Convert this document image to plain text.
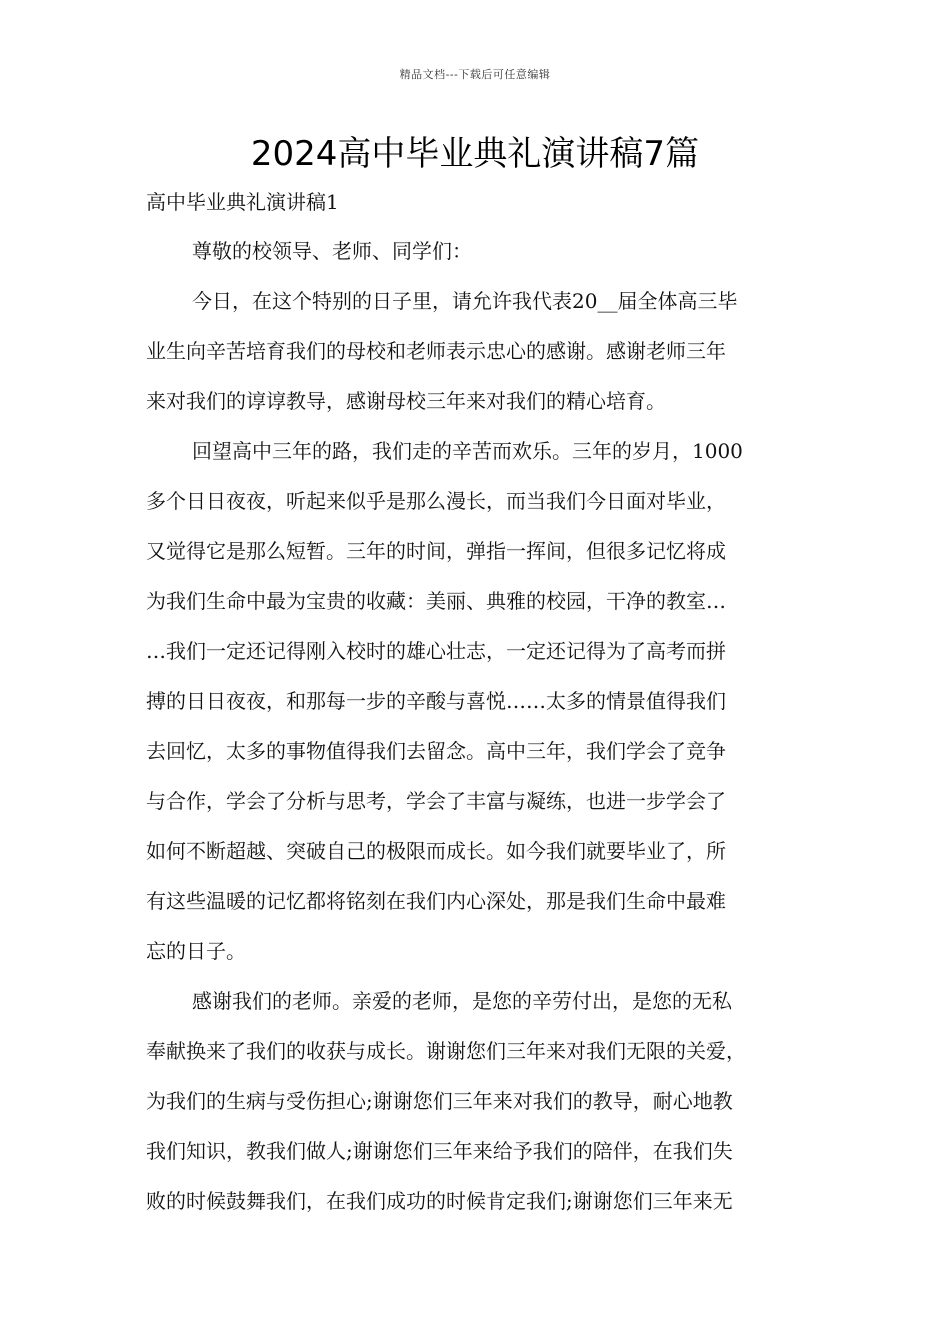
精品文档---下载后可任意编辑
2024高中毕业典礼演讲稿7篇
高中毕业典礼演讲稿1
尊敬的校领导、老师、同学们：
今日，在这个特别的日子里，请允许我代表20__届全体高三毕
业生向辛苦培育我们的母校和老师表示忠心的感谢。感谢老师三年
来对我们的谆谆教导，感谢母校三年来对我们的精心培育。
回望高中三年的路，我们走的辛苦而欢乐。三年的岁月，1000
多个日日夜夜，听起来似乎是那么漫长，而当我们今日面对毕业，
又觉得它是那么短暂。三年的时间，弹指一挥间，但很多记忆将成
为我们生命中最为宝贵的收藏：美丽、典雅的校园，干净的教室…
…我们一定还记得刚入校时的雄心壮志，一定还记得为了高考而拼
搏的日日夜夜，和那每一步的辛酸与喜悦……太多的情景值得我们
去回忆，太多的事物值得我们去留念。高中三年，我们学会了竞争
与合作，学会了分析与思考，学会了丰富与凝练，也进一步学会了
如何不断超越、突破自己的极限而成长。如今我们就要毕业了，所
有这些温暖的记忆都将铭刻在我们内心深处，那是我们生命中最难
忘的日子。
感谢我们的老师。亲爱的老师，是您的辛劳付出，是您的无私
奉献换来了我们的收获与成长。谢谢您们三年来对我们无限的关爱，
为我们的生病与受伤担心;谢谢您们三年来对我们的教导，耐心地教
我们知识，教我们做人;谢谢您们三年来给予我们的陪伴，在我们失
败的时候鼓舞我们，在我们成功的时候肯定我们;谢谢您们三年来无
